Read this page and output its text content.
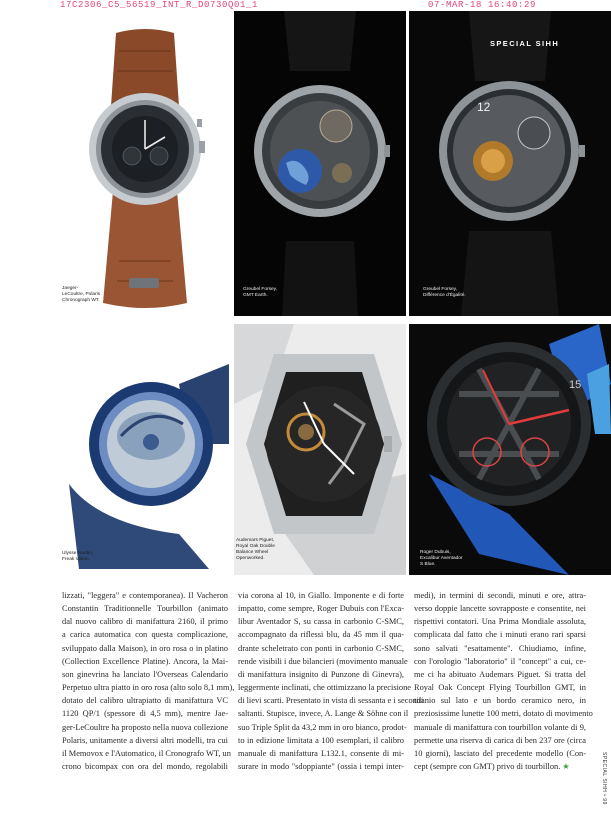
17C2306_C5_56519_INT_R_D0730Q01_1	07-MAR-18 16:40:29
Jaeger-
LeCoultre, Polaris
Chronograph WT.
Greubel Forsey,
GMT Earth.
12
SPECIAL SIHH
Greubel Forsey,
Différence d'Égalité.
Ulysse Nardin,
Freak Vision.
Audemars Piguet,
Royal Oak Double
Balance Wheel
Openworked.
15
Roger Dubuis,
Excalibur Aventador
S Blue.
lizzati, "leggera" e contemporanea). Il Vacheron
Constantin Traditionnelle Tourbillon (animato
dal nuovo calibro di manifattura 2160, il primo
a carica automatica con questa complicazione,
sviluppato dalla Maison), in oro rosa o in platino
(Collection Excellence Platine). Ancora, la Mai-
son ginevrina ha lanciato l'Overseas Calendario
Perpetuo ultra piatto in oro rosa (alto solo 8,1 mm),
dotato del calibro ultrapiatto di manifattura VC
1120 QP/1 (spessore di 4,5 mm), mentre Jae-
ger-LeCoultre ha proposto nella nuova collezione
Polaris, unitamente a diversi altri modelli, tra cui
il Memovox e l'Automatico, il Cronografo WT, un
crono bicompax con ora del mondo, regolabili
via corona al 10, in Giallo. Imponente e di forte
impatto, come sempre, Roger Dubuis con l'Exca-
libur Aventador S, su cassa in carbonio C-SMC,
accompagnato da riflessi blu, da 45 mm il qua-
drante scheletrato con ponti in carbonio C-SMC,
rende visibili i due bilancieri (movimento manuale
di manifattura insignito di Punzone di Ginevra),
leggermente inclinati, che ottimizzano la precisione
di lievi scarti. Presentato in vista di sessanta e i secondi
saltanti. Stupisce, invece, A. Lange & Söhne con il
suo Triple Split da 43,2 mm in oro bianco, prodot-
to in edizione limitata a 100 esemplari, il calibro
manuale di manifattura L132.1, consente di mi-
surare in modo "sdoppiante" (ossia i tempi inter-
medi), in termini di secondi, minuti e ore, attra-
verso doppie lancette sovrapposte e consentite, nei
rispettivi contatori. Una Prima Mondiale assoluta,
complicata dal fatto che i minuti erano rari sparsi
sono salvati "esattamente". Chiudiamo, infine,
con l'orologio "laboratorio" il "concept" a cui, ce-
me ci ha abituato Audemars Piguet. Si tratta del
Royal Oak Concept Flying Tourbillon GMT, in
titanio sul lato e un bordo ceramico nero, in
preziosissime lunette 100 metri, dotato di movimento
manuale di manifattura con tourbillon volante di 9,
permette una riserva di carica di ben 237 ore (circa
10 giorni), lasciato del precedente modello (Con-
cept (sempre con GMT) privo di tourbillon. ★	SPECIAL SIHH • 99
